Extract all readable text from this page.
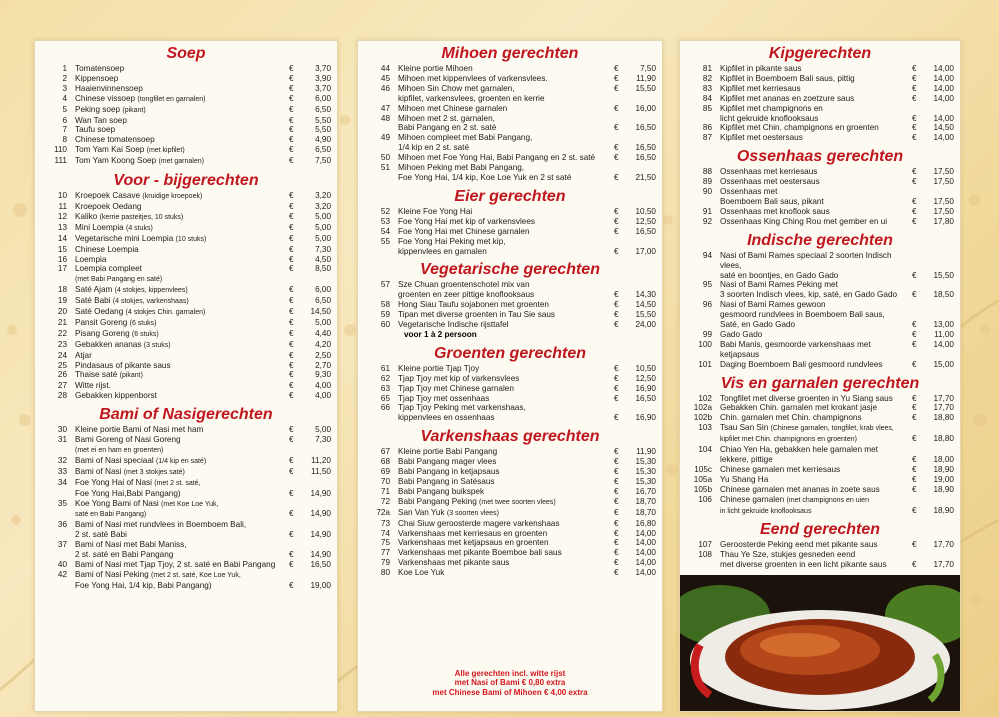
Soep
1 Tomatensoep	€	3,70
2 Kippensoep	€	3,90
3 Haaienvinnensoep	€	3,70
4 Chinese vissoep (tongfilet en garnalen)	€	6,00
5 Peking soep (pikant)	€	6,50
6 Wan Tan soep	€	5,50
7 Taufu soep	€	5,50
8 Chinese tomatensoep	€	4,90
110 Tom Yam Kai Soep (met kipfilet)	€	6,50
111 Tom Yam Koong Soep (met garnalen)	€	7,50
Voor - bijgerechten
10 Kroepoek Casave (kruidige kroepoek)	€	3,20
11 Kroepoek Oedang	€	3,20
12 Kaliko (kerrie pasteitjes, 10 stuks)	€	5,00
13 Mini Loempia (4 stuks)	€	5,00
14 Vegetarische mini Loempia (10 stuks)	€	5,00
15 Chinese Loempia	€	7,30
16 Loempia	€	4,50
17 Loempia compleet	€	8,50
(met Babi Pangang en saté)
18 Saté Ajam (4 stokjes, kippenvlees)	€	6,00
19 Saté Babi (4 stokjes, varkenshaas)	€	6,50
20 Saté Oedang (4 stokjes Chin. garnalen)	€	14,50
21 Pansit Goreng (6 stuks)	€	5,00
22 Pisang Goreng (6 stuks)	€	4,40
23 Gebakken ananas (3 stuks)	€	4,20
24 Atjar	€	2,50
25 Pindasaus of pikante saus	€	2,70
26 Thaise saté (pikant)	€	9,30
27 Witte rijst.	€	4,00
28 Gebakken kippenborst	€	4,00
Bami of Nasigerechten
30 Kleine portie Bami of Nasi met ham	€	5,00
31 Bami Goreng of Nasi Goreng	€	7,30
(met ei en ham en groenten)
32 Bami of Nasi speciaal (1/4 kip en saté)	€	11,20
33 Bami of Nasi (met 3 stokjes saté)	€	11,50
34 Foe Yong Hai of Nasi (met 2 st. saté,
Foe Yong Hai,Babi Pangang)	€	14,90
35 Koe Yong Bami of Nasi (met Koe Loe Yuk,
saté en Babi Pangang)	€	14,90
36 Bami of Nasi met rundvlees in Boemboem Bali,
2 st. saté Babi	€	14,90
37 Bami of Nasi met Babi Maniss,
2 st. saté en Babi Pangang	€	14,90
40 Bami of Nasi met Tjap Tjoy, 2 st. saté en Babi Pangang	€	16,50
42 Bami of Nasi Peking (met 2 st. saté, Koe Loe Yuk,
Foe Yong Hai, 1/4 kip, Babi Pangang)	€	19,00
Mihoen gerechten
44 Kleine portie Mihoen	€	7,50
45 Mihoen met kippenvlees of varkensvlees.	€	11,90
46 Mihoen Sin Chow met garnalen,	€	15,50
kipfilet, varkensvlees, groenten en kerrie
47 Mihoen met Chinese garnalen	€	16,00
48 Mihoen met 2 st. garnalen,
Babi Pangang en 2 st. saté	€	16,50
49 Mihoen compleet met Babi Pangang,
1/4 kip en 2 st. saté	€	16,50
50 Mihoen met Foe Yong Hai, Babi Pangang en 2 st. saté	€	16,50
51 Mihoen Peking met Babi Pangang,
Foe Yong Hai, 1/4 kip, Koe Loe Yuk en 2 st saté	€	21,50
Eier gerechten
52 Kleine Foe Yong Hai	€	10,50
53 Foe Yong Hai met kip of varkensvlees	€	12,50
54 Foe Yong Hai met Chinese garnalen	€	16,50
55 Foe Yong Hai Peking met kip,
kippenvlees en garnalen	€	17,00
Vegetarische gerechten
57 Sze Chuan groentenschotel mix van
groenten en zeer pittige knoflooksaus	€	14,30
58 Hong Siau Taufu sojabonen met groenten	€	14,50
59 Tipan met diverse groenten in Tau Sie saus	€	15,50
60 Vegetarische Indische rijsttafel	€	24,00
voor 1 à 2 persoon
Groenten gerechten
61 Kleine portie Tjap Tjoy	€	10,50
62 Tjap Tjoy met kip of varkensvlees	€	12,50
63 Tjap Tjoy met Chinese garnalen	€	16,90
65 Tjap Tjoy met ossenhaas	€	16,50
66 Tjap Tjoy Peking met varkenshaas,
kippenvlees en ossenhaas	€	16,90
Varkenshaas gerechten
67 Kleine portie Babi Pangang	€	11,90
68 Babi Pangang mager vlees	€	15,30
69 Babi Pangang in ketjapsaus	€	15,30
70 Babi Pangang in Satésaus	€	15,30
71 Babi Pangang buikspek	€	16,70
72 Babi Pangang Peking (met twee soorten vlees)	€	18,70
72a San Van Yuk (3 soorten vlees)	€	18,70
73 Chai Siuw geroosterde magere varkenshaas	€	16,80
74 Varkenshaas met kerriesaus en groenten	€	14,00
75 Varkenshaas met ketjapsaus en groenten	€	14,00
77 Varkenshaas met pikante Boemboe bali saus	€	14,00
79 Varkenshaas met pikante saus	€	14,00
80 Koe Loe Yuk	€	14,00
Alle gerechten incl. witte rijst
met Nasi of Bami € 0,80 extra
met Chinese Bami of Mihoen € 4,00 extra
Kipgerechten
81 Kipfilet in pikante saus	€	14,00
82 Kipfilet in Boemboem Bali saus, pittig	€	14,00
83 Kipfilet met kerriesaus	€	14,00
84 Kipfilet met ananas en zoetzure saus	€	14,00
85 Kipfilet met champignons en
licht gekruide knoflooksaus	€	14,00
86 Kipfilet met Chin. champignons en groenten	€	14,50
87 Kipfilet met oestersaus	€	14,00
Ossenhaas gerechten
88 Ossenhaas met kerriesaus	€	17,50
89 Ossenhaas met oestersaus	€	17,50
90 Ossenhaas met
Boemboem Bali saus, pikant	€	17,50
91 Ossenhaas met knoflook saus	€	17,50
92 Ossenhaas King Ching Rou met gember en ui	€	17,80
Indische gerechten
94 Nasi of Bami Rames speciaal 2 soorten Indisch vlees,
saté en boontjes, en Gado Gado	€	15,50
95 Nasi of Bami Rames Peking met
3 soorten Indisch vlees, kip, saté, en Gado Gado	€	18,50
96 Nasi of Bami Rames gewoon
gesmoord rundvlees in Boemboem Bali saus,
Saté, en Gado Gado	€	13,00
99 Gado Gado	€	11,00
100 Babi Manis, gesmoorde varkenshaas met ketjapsaus
€	14,00
101 Daging Boemboem Bali gesmoord rundvlees	€	15,00
Vis en garnalen gerechten
102 Tongfilet met diverse groenten in Yu Siang saus	€	17,70
102a Gebakken Chin. garnalen met krokant jasje	€	17,70
102b Chin. garnalen met Chin. champignons	€	18,80
103 Tsau San Sin (Chinese garnalen, tongfilet, krab vlees,
kipfilet met Chin. champignons en groenten)	€	18,80
104 Chiao Yen Ha, gebakken hele garnalen met
lekkere, pittige	€	18,00
105c Chinese garnalen met kerriesaus	€	18,90
105a Yu Shang Ha	€	19,00
105b Chinese garnalen met ananas in zoete saus	€	18,90
106 Chinese garnalen (met champignons en uien
in licht gekruide knoflooksaus	€	18,90
Eend gerechten
107 Geroosterde Peking eend met pikante saus	€	17,70
108 Thau Ye Sze, stukjes gesneden eend
met diverse groenten in een licht pikante saus	€	17,70
